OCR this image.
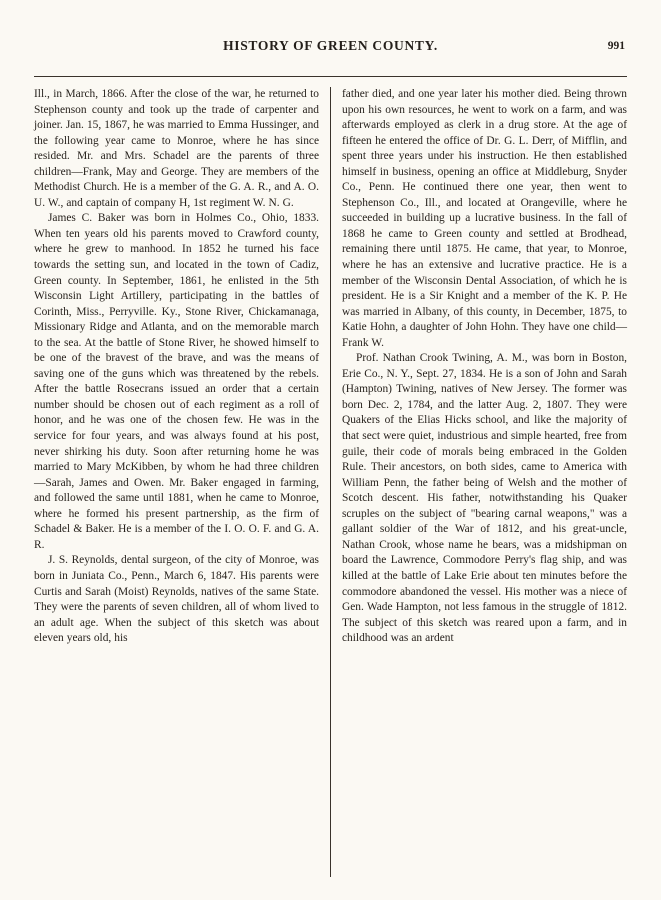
HISTORY OF GREEN COUNTY.	991

Ill., in March, 1866. After the close of the war, he returned to Stephenson county and took up the trade of carpenter and joiner. Jan. 15, 1867, he was married to Emma Hussinger, and the following year came to Monroe, where he has since resided. Mr. and Mrs. Schadel are the parents of three children—Frank, May and George. They are members of the Methodist Church. He is a member of the G. A. R., and A. O. U. W., and captain of company H, 1st regiment W. N. G.

James C. Baker was born in Holmes Co., Ohio, 1833. When ten years old his parents moved to Crawford county, where he grew to manhood. In 1852 he turned his face towards the setting sun, and located in the town of Cadiz, Green county. In September, 1861, he enlisted in the 5th Wisconsin Light Artillery, participating in the battles of Corinth, Miss., Perryville. Ky., Stone River, Chickamanaga, Missionary Ridge and Atlanta, and on the memorable march to the sea. At the battle of Stone River, he showed himself to be one of the bravest of the brave, and was the means of saving one of the guns which was threatened by the rebels. After the battle Rosecrans issued an order that a certain number should be chosen out of each regiment as a roll of honor, and he was one of the chosen few. He was in the service for four years, and was always found at his post, never shirking his duty. Soon after returning home he was married to Mary McKibben, by whom he had three children—Sarah, James and Owen. Mr. Baker engaged in farming, and followed the same until 1881, when he came to Monroe, where he formed his present partnership, as the firm of Schadel & Baker. He is a member of the I. O. O. F. and G. A. R.

J. S. Reynolds, dental surgeon, of the city of Monroe, was born in Juniata Co., Penn., March 6, 1847. His parents were Curtis and Sarah (Moist) Reynolds, natives of the same State. They were the parents of seven children, all of whom lived to an adult age. When the subject of this sketch was about eleven years old, his

father died, and one year later his mother died. Being thrown upon his own resources, he went to work on a farm, and was afterwards employed as clerk in a drug store. At the age of fifteen he entered the office of Dr. G. L. Derr, of Mifflin, and spent three years under his instruction. He then established himself in business, opening an office at Middleburg, Snyder Co., Penn. He continued there one year, then went to Stephenson Co., Ill., and located at Orangeville, where he succeeded in building up a lucrative business. In the fall of 1868 he came to Green county and settled at Brodhead, remaining there until 1875. He came, that year, to Monroe, where he has an extensive and lucrative practice. He is a member of the Wisconsin Dental Association, of which he is president. He is a Sir Knight and a member of the K. P. He was married in Albany, of this county, in December, 1875, to Katie Hohn, a daughter of John Hohn. They have one child—Frank W.

Prof. Nathan Crook Twining, A. M., was born in Boston, Erie Co., N. Y., Sept. 27, 1834. He is a son of John and Sarah (Hampton) Twining, natives of New Jersey. The former was born Dec. 2, 1784, and the latter Aug. 2, 1807. They were Quakers of the Elias Hicks school, and like the majority of that sect were quiet, industrious and simple hearted, free from guile, their code of morals being embraced in the Golden Rule. Their ancestors, on both sides, came to America with William Penn, the father being of Welsh and the mother of Scotch descent. His father, notwithstanding his Quaker scruples on the subject of "bearing carnal weapons," was a gallant soldier of the War of 1812, and his great-uncle, Nathan Crook, whose name he bears, was a midshipman on board the Lawrence, Commodore Perry's flag ship, and was killed at the battle of Lake Erie about ten minutes before the commodore abandoned the vessel. His mother was a niece of Gen. Wade Hampton, not less famous in the struggle of 1812. The subject of this sketch was reared upon a farm, and in childhood was an ardent
